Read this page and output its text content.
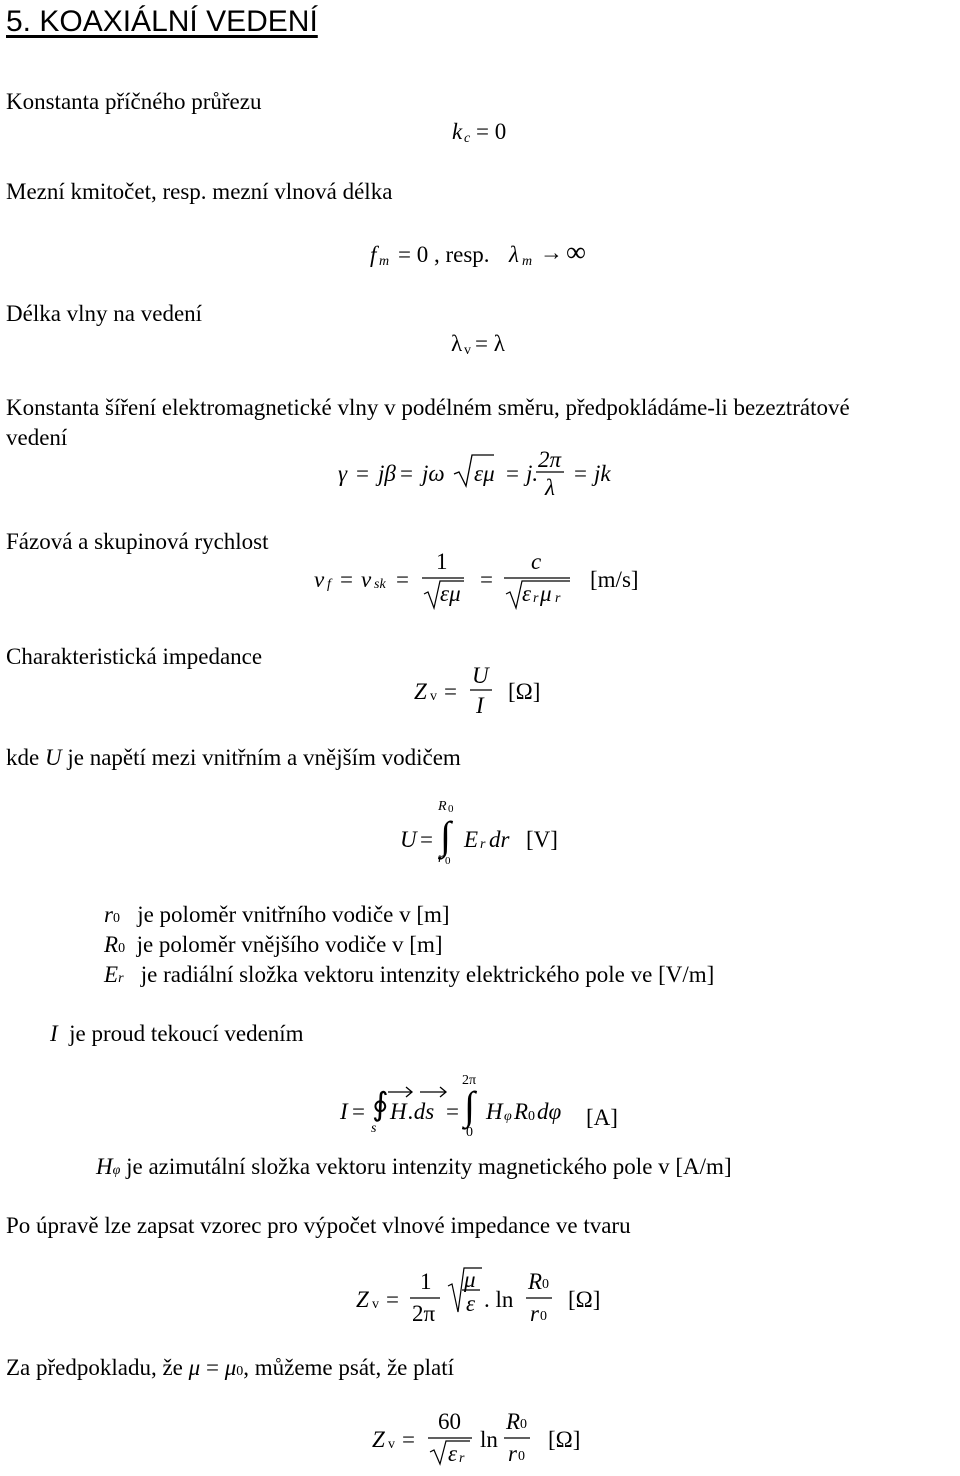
5. KOAXIÁLNÍ VEDENÍ
Konstanta příčného průřezu
k c = 0
Mezní kmitočet, resp. mezní vlnová délka
f m = 0 , resp. λ m → ∞
Délka vlny na vedení
λ v = λ
Konstanta šíření elektromagnetické vlny v podélném směru, předpokládáme-li bezeztrátové
vedení
γ = jβ = jω εμ = j.
2π
λ
= jk
Fázová a skupinová rychlost
v f = v sk =
1
εμ
=
c
ε r μ r
[m/s]
Charakteristická impedance
Z v =
U
I
[Ω]
kde U je napětí mezi vnitřním a vnějším vodičem
R 0
U = ∫
r 0
E r dr [V]
r0 je poloměr vnitřního vodiče v [m]
R0 je poloměr vnějšího vodiče v [m]
Er je radiální složka vektoru intenzity elektrického pole ve [V/m]
I je proud tekoucí vedením
I = ∮
s
H .ds =
2π
∫
0
H φ R 0 dφ [A]
Hφ je azimutální složka vektoru intenzity magnetického pole v [A/m]
Po úpravě lze zapsat vzorec pro výpočet vlnové impedance ve tvaru
Z v =
1
2π
μ
ε . ln
R 0
r 0
[Ω]
Za předpokladu, že μ = μ0, můžeme psát, že platí
Z v =
60
ε r
ln
R 0
r 0
[Ω]
